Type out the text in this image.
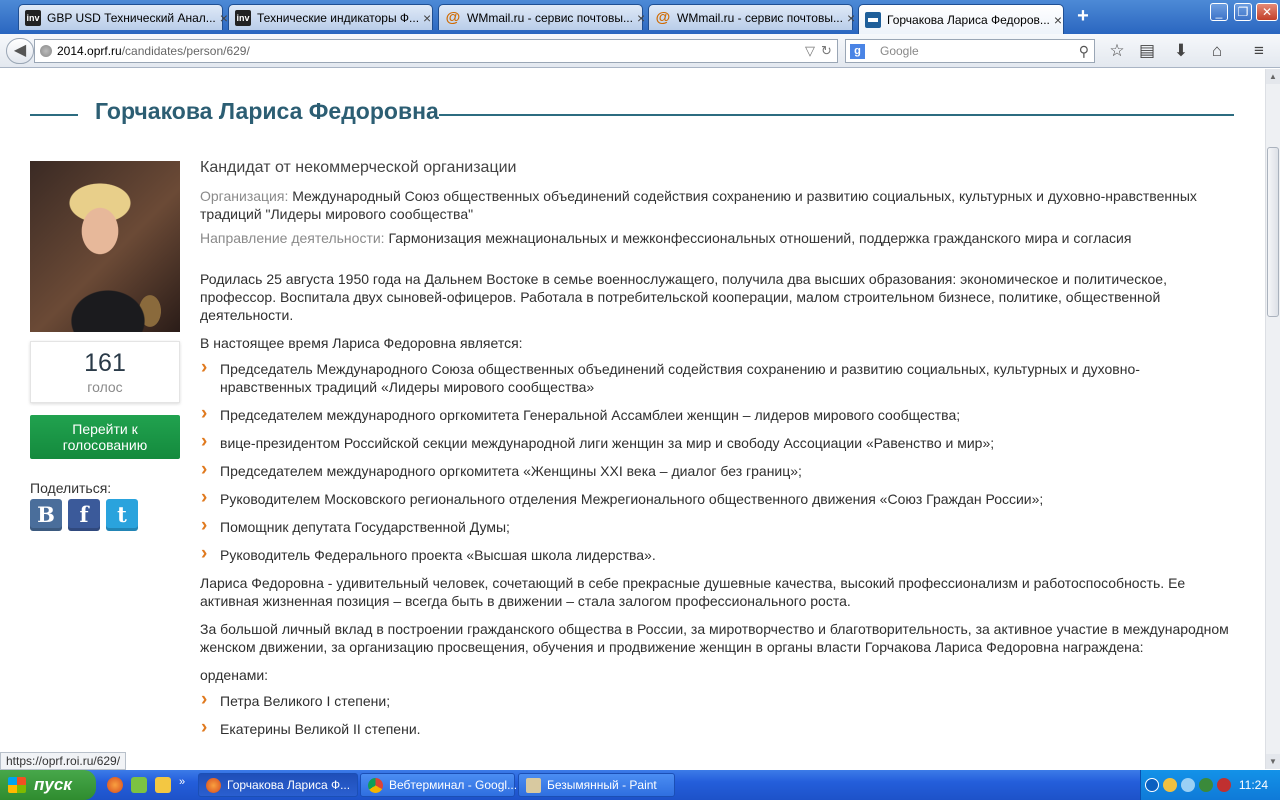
inv GBP USD Технический Анал... × inv Технические индикаторы Ф... × @ WMmail.ru - сервис почтовы... × @ WMmail.ru - сервис почтовы... ×	Горчакова Лариса Федоров... × +	_	❐	✕
◀	2014.oprf.ru/candidates/person/629/	▽ ↻	g	Google	⚲ ☆ ▤ ⬇	⌂	≡
Горчакова Лариса Федоровна
161
голос
Перейти к голосованию
Поделиться:
B	f	t
Кандидат от некоммерческой организации
Организация: Международный Союз общественных объединений содействия сохранению и развитию социальных, культурных и духовно-нравственных традиций "Лидеры мирового сообщества"
Направление деятельности: Гармонизация межнациональных и межконфессиональных отношений, поддержка гражданского мира и согласия

Родилась 25 августа 1950 года на Дальнем Востоке в семье военнослужащего, получила два высших образования: экономическое и политическое, профессор. Воспитала двух сыновей-офицеров. Работала в потребительской кооперации, малом строительном бизнесе, политике, общественной деятельности.

В настоящее время Лариса Федоровна является:

› Председатель Международного Союза общественных объединений содействия сохранению и развитию социальных, культурных и духовно-нравственных традиций «Лидеры мирового сообщества»
› Председателем международного оргкомитета Генеральной Ассамблеи женщин – лидеров мирового сообщества;
› вице-президентом Российской секции международной лиги женщин за мир и свободу Ассоциации «Равенство и мир»;
› Председателем международного оргкомитета «Женщины XXI века – диалог без границ»;
› Руководителем Московского регионального отделения Межрегионального общественного движения «Союз Граждан России»;
› Помощник депутата Государственной Думы;
› Руководитель Федерального проекта «Высшая школа лидерства».

Лариса Федоровна - удивительный человек, сочетающий в себе прекрасные душевные качества, высокий профессионализм и работоспособность. Ее активная жизненная позиция – всегда быть в движении – стала залогом профессионального роста.

За большой личный вклад в построении гражданского общества в России, за миротворчество и благотворительность, за активное участие в международном женском движении, за организацию просвещения, обучения и продвижение женщин в органы власти Горчакова Лариса Федоровна награждена:

орденами:

› Петра Великого I степени;
› Екатерины Великой II степени.
▲
▼
https://oprf.roi.ru/629/
пуск	»	Горчакова Лариса Ф...	Вебтерминал - Googl...	Безымянный - Paint	11:24
